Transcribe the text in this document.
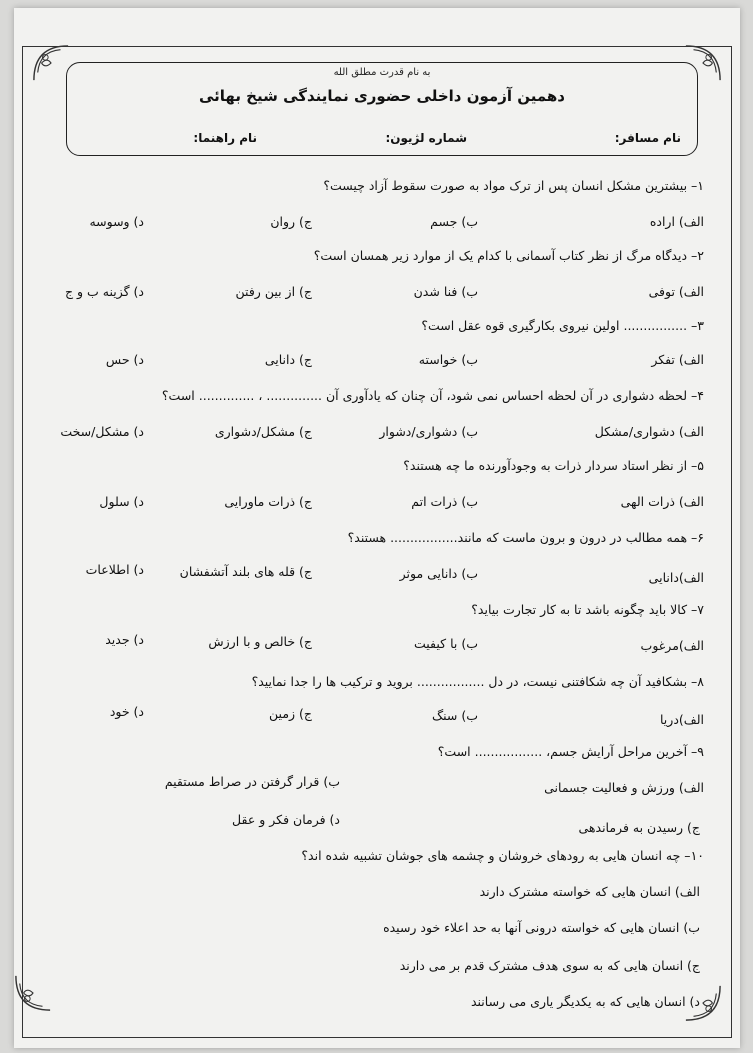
به نام قدرت مطلق الله
دهمین آزمون داخلی حضوری نمایندگی شیخ بهائی
نام مسافر:
شماره لژیون:
نام راهنما:
۱– بیشترین مشکل انسان پس از ترک مواد به صورت سقوط آزاد چیست؟
الف) اراده
ب) جسم
ج) روان
د) وسوسه
۲– دیدگاه مرگ از نظر کتاب آسمانی با کدام یک از موارد زیر همسان است؟
الف) توفی
ب) فنا شدن
ج) از بین رفتن
د) گزینه ب و ج
۳– ................ اولین نیروی بکارگیری قوه عقل است؟
الف) تفکر
ب) خواسته
ج) دانایی
د) حس
۴– لحظه دشواری در آن لحظه احساس نمی شود، آن چنان که یادآوری آن .............. ، .............. است؟
الف) دشواری/مشکل
ب) دشواری/دشوار
ج) مشکل/دشواری
د) مشکل/سخت
۵– از نظر استاد سردار ذرات به وجودآورنده ما چه هستند؟
الف) ذرات الهی
ب) ذرات اتم
ج) ذرات ماورایی
د) سلول
۶– همه مطالب در درون و برون ماست که مانند................. هستند؟
الف)دانایی
ب) دانایی موثر
ج) قله های بلند آتشفشان
د) اطلاعات
۷– کالا باید چگونه باشد تا به کار تجارت بیاید؟
الف)مرغوب
ب) با کیفیت
ج) خالص و با ارزش
د) جدید
۸– بشکافید آن چه شکافتنی نیست، در دل ................. بروید و ترکیب ها را جدا نمایید؟
الف)دریا
ب) سنگ
ج) زمین
د) خود
۹– آخرین مراحل آرایش جسم، ................. است؟
الف) ورزش و فعالیت جسمانی
ب) قرار گرفتن در صراط مستقیم
ج) رسیدن به فرماندهی
د) فرمان فکر و عقل
۱۰– چه انسان هایی به رودهای خروشان و چشمه های جوشان تشبیه شده اند؟
الف) انسان هایی که خواسته مشترک دارند
ب) انسان هایی که خواسته درونی آنها به حد اعلاء خود رسیده
ج) انسان هایی که به سوی هدف مشترک قدم بر می دارند
د) انسان هایی که به یکدیگر یاری می رسانند
